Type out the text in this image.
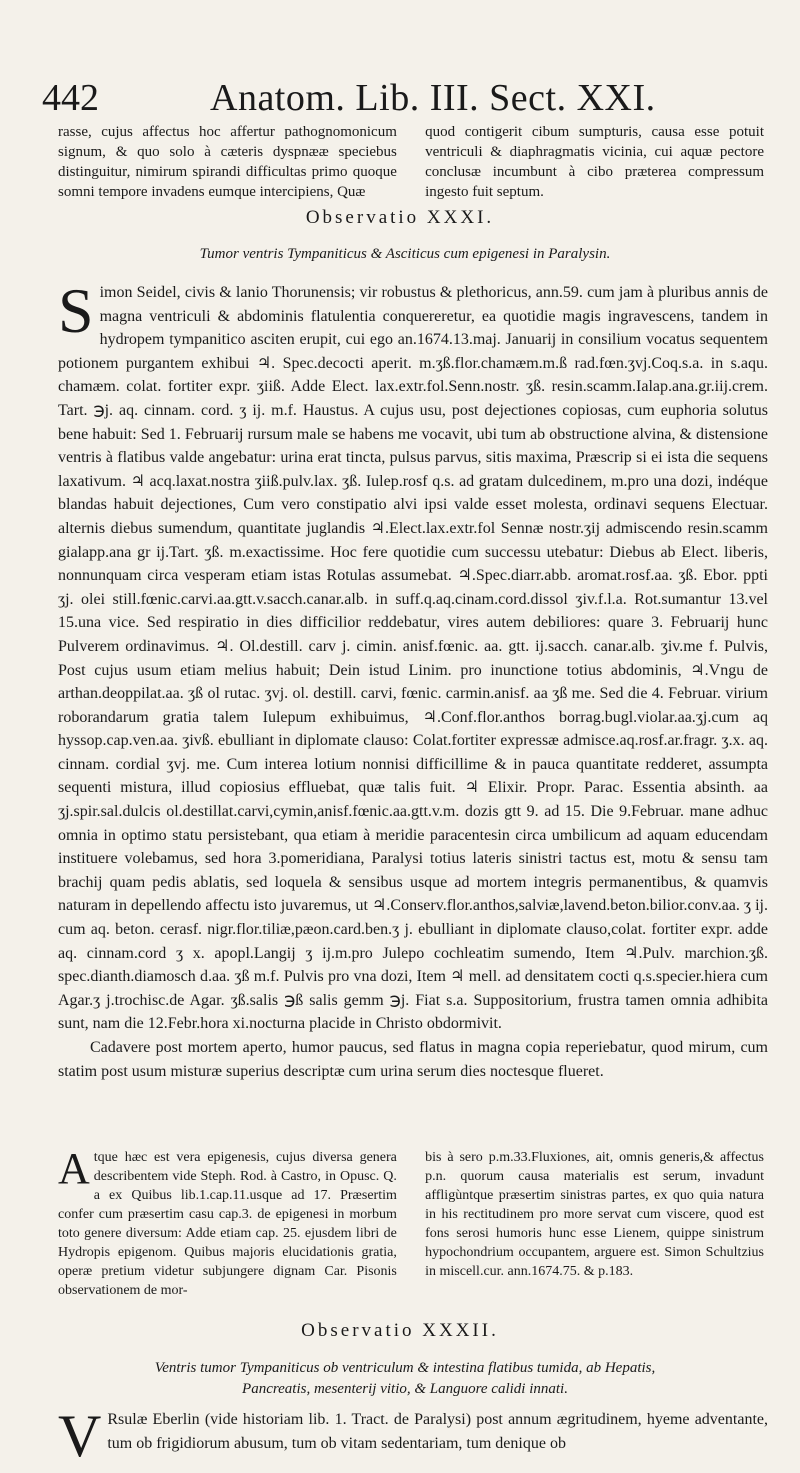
442	Anatom. Lib. III. Sect. XXI.
rasse, cujus affectus hoc affertur pathognomonicum signum, & quo solo à cæteris dyspnææ speciebus distinguitur, nimirum spirandi difficultas primo quoque somni tempore invadens eumque intercipiens, Quæ
quod contigerit cibum sumpturis, causa esse potuit ventriculi & diaphragmatis vicinia, cui aquæ pectore conclusæ incumbunt à cibo præterea compressum ingesto fuit septum.
Observatio XXXI.
Tumor ventris Tympaniticus & Asciticus cum epigenesi in Paralysin.

Simon Seidel, civis & lanio Thorunensis; vir robustus & plethoricus, ann.59. cum jam à pluribus annis de magna ventriculi & abdominis flatulentia conquereretur, ea quotidie magis ingravescens, tandem in hydropem tympaniticо asciten erupit, cui ego an.1674.13.maj. Januarij in consilium vocatus sequentem potionem purgantem exhibui ♃. Spec.decocti aperit. m.ʒß.flor.chamæm.m.ß rad.fœn.ʒvj.Coq.s.a. in s.aqu. chamæm. colat. fortiter expr. ʒiiß. Adde Elect. lax.extr.fol.Senn.nostr. ʒß. resin.scamm.Ialap.ana.gr.iij.crem. Tart. ℈j. aq. cinnam. cord. ʒ ij. m.f. Haustus. A cujus usu, post dejectiones copiosas, cum euphoria solutus bene habuit: Sed 1. Februarij rursum male se habens me vocavit, ubi tum ab obstructione alvina, & distensione ventris à flatibus valde angebatur: urina erat tincta, pulsus parvus, sitis maxima, Præscrip si ei ista die sequens laxativum. ♃ acq.laxat.nostra ʒiiß.pulv.lax. ʒß. Iulep.rosf q.s. ad gratam dulcedinem, m.pro una dozi, indéque blandas habuit dejectiones, Cum vero constipatio alvi ipsi valde esset molesta, ordinavi sequens Electuar. alternis diebus sumendum, quantitate juglandis ♃.Elect.lax.extr.fol Sennæ nostr.ʒij admiscendo resin.scamm gialapp.ana gr ij.Tart. ʒß. m.exactissime. Hoc fere quotidie cum successu utebatur: Diebus ab Elect. liberis, nonnunquam circa vesperam etiam istas Rotulas assumebat. ♃.Spec.diarr.abb. aromat.rosf.aa. ʒß. Ebor. ppti ʒj. olei still.fœnic.carvi.aa.gtt.v.sacch.canar.alb. in suff.q.aq.cinam.cord.dissol ʒiv.f.l.a. Rot.sumantur 13.vel 15.una vice. Sed respiratio in dies difficilior reddebatur, vires autem debiliores: quare 3. Februarij hunc Pulverem ordinavimus. ♃. Ol.destill. carv j. cimin. anisf.fœnic. aa. gtt. ij.sacch. canar.alb. ʒiv.me f. Pulvis, Post cujus usum etiam melius habuit; Dein istud Linim. pro inunctione totius abdominis, ♃.Vngu de arthan.deoppilat.aa. ʒß ol rutac. ʒvj. ol. destill. carvi, fœnic. carmin.anisf. aa ʒß me. Sed die 4. Februar. virium roborandarum gratia talem Iulepum exhibuimus, ♃.Conf.flor.anthos borrag.bugl.violar.aa.ʒj.cum aq hyssop.cap.ven.aa. ʒivß. ebulliant in diplomate clauso: Colat.fortiter expressæ admisce.aq.rosf.ar.fragr. ʒ.x. aq. cinnam. cordial ʒvj. me. Cum interea lotium nonnisi difficillime & in pauca quantitate redderet, assumpta sequenti mistura, illud copiosius effluebat, quæ talis fuit. ♃ Elixir. Propr. Parac. Essentia absinth. aa ʒj.spir.sal.dulcis ol.destillat.carvi,cymin,anisf.fœnic.aa.gtt.v.m. dozis gtt 9. ad 15. Die 9.Februar. mane adhuc omnia in optimo statu persistebant, qua etiam à meridie paracentesin circa umbilicum ad aquam educendam instituere volebamus, sed hora 3.pomeridiana, Paralysi totius lateris sinistri tactus est, motu & sensu tam brachij quam pedis ablatis, sed loquela & sensibus usque ad mortem integris permanentibus, & quamvis naturam in depellendo affectu isto juvaremus, ut ♃.Conserv.flor.anthos,salviæ,lavend.beton.bilior.conv.aa. ʒ ij. cum aq. beton. cerasf. nigr.flor.tiliæ,pæon.card.ben.ʒ j. ebulliant in diplomate clauso,colat. fortiter expr. adde aq. cinnam.cord ʒ x. apopl.Langij ʒ ij.m.pro Julepo cochleatim sumendo, Item ♃.Pulv. marchion.ʒß. spec.dianth.diamosch d.aa. ʒß m.f. Pulvis pro vna dozi, Item ♃ mell. ad densitatem cocti q.s.specier.hiera cum Agar.ʒ j.trochisc.de Agar. ʒß.salis ℈ß salis gemm ℈j. Fiat s.a. Suppositorium, frustra tamen omnia adhibita sunt, nam die 12.Febr.hora xi.nocturna placide in Christo obdormivit.

Cadavere post mortem aperto, humor paucus, sed flatus in magna copia reperiebatur, quod mirum, cum statim post usum misturæ superius descriptæ cum urina serum dies noctesque flueret.

Atque hæc est vera epigenesis, cujus diversa genera describentem vide Steph. Rod. à Castro, in Opusc. Q. a ex Quibus lib.1.cap.11.usque ad 17. Præsertim confer cum præsertim casu cap.3. de epigenesi in morbum toto genere diversum: Adde etiam cap. 25. ejusdem libri de Hydropis epigenom. Quibus majoris elucidationis gratia, operæ pretium videtur subjungere dignam Car. Pisonis observationem de mor-
bis à sero p.m.33.Fluxiones, ait, omnis generis,& affectus p.n. quorum causa materialis est serum, invadunt affligùntque præsertim sinistras partes, ex quo quia natura in his rectitudinem pro more servat cum viscere, quod est fons serosi humoris hunc esse Lienem, quippe sinistrum hypochondrium occupantem, arguere est. Simon Schultzius in miscell.cur. ann.1674.75. & p.183.
Observatio XXXII.
Ventris tumor Tympaniticus ob ventriculum & intestina flatibus tumida, ab Hepatis,
Pancreatis, mesenterij vitio, & Languore calidi innati.

V Rsulæ Eberlin (vide historiam lib. 1. Tract. de Paralysi) post annum ægritudinem, hyeme adventante, tum ob frigidiorum abusum, tum ob vitam sedentariam, tum denique ob
